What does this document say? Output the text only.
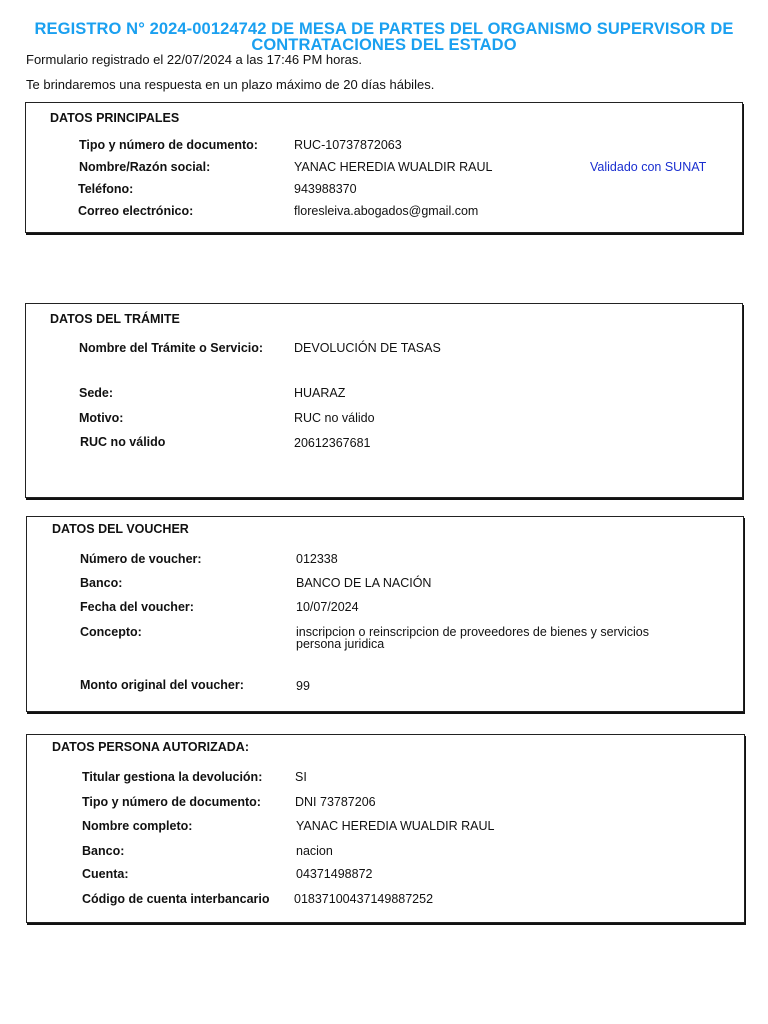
REGISTRO N° 2024-00124742 DE MESA DE PARTES DEL ORGANISMO SUPERVISOR DE CONTRATACIONES DEL ESTADO
Formulario registrado el 22/07/2024 a las 17:46 PM horas.
Te brindaremos una respuesta en un plazo máximo de 20 días hábiles.
DATOS PRINCIPALES
Tipo y número de documento:	RUC-10737872063
Nombre/Razón social:	YANAC HEREDIA WUALDIR RAUL	Validado con SUNAT
Teléfono:	943988370
Correo electrónico:	floresleiva.abogados@gmail.com
DATOS DEL TRÁMITE
Nombre del Trámite o Servicio: DEVOLUCIÓN DE TASAS
Sede:	HUARAZ
Motivo:	RUC no válido
RUC no válido	20612367681
DATOS DEL VOUCHER
Número de voucher:	012338
Banco:	BANCO DE LA NACIÓN
Fecha del voucher:	10/07/2024
Concepto:	inscripcion o reinscripcion de proveedores de bienes y servicios persona juridica
Monto original del voucher:	99
DATOS PERSONA AUTORIZADA:
Titular gestiona la devolución:	SI
Tipo y número de documento:	DNI 73787206
Nombre completo:	YANAC HEREDIA WUALDIR RAUL
Banco:	nacion
Cuenta:	04371498872
Código de cuenta interbancario 01837100437149887252
